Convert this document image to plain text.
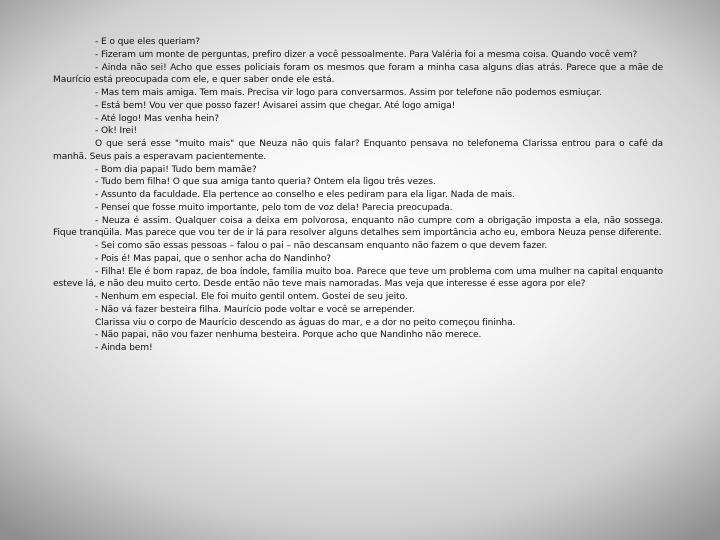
- E o que eles queriam?

- Fizeram um monte de perguntas, prefiro dizer a você pessoalmente. Para Valéria foi a mesma coisa. Quando você vem?

- Ainda não sei! Acho que esses policiais foram os mesmos que foram a minha casa alguns dias atrás. Parece que a mãe de Maurício está preocupada com ele, e quer saber onde ele está.

- Mas tem mais amiga. Tem mais. Precisa vir logo para conversarmos. Assim por telefone não podemos esmiuçar.

- Está bem! Vou ver que posso fazer! Avisarei assim que chegar. Até logo amiga!

- Até logo! Mas venha hein?

- Ok! Irei!

O que será esse "muito mais" que Neuza não quis falar? Enquanto pensava no telefonema Clarissa entrou para o café da manhã. Seus pais a esperavam pacientemente.

- Bom dia papai! Tudo bem mamãe?

- Tudo bem filha! O que sua amiga tanto queria? Ontem ela ligou três vezes.

- Assunto da faculdade. Ela pertence ao conselho e eles pediram para ela ligar. Nada de mais.

- Pensei que fosse muito importante, pelo tom de voz dela! Parecia preocupada.

- Neuza é assim. Qualquer coisa a deixa em polvorosa, enquanto não cumpre com a obrigação imposta a ela, não sossega. Fique tranqüila. Mas parece que vou ter de ir lá para resolver alguns detalhes sem importância acho eu, embora Neuza pense diferente.

- Sei como são essas pessoas – falou o pai – não descansam enquanto não fazem o que devem fazer.

- Pois é! Mas papai, que o senhor acha do Nandinho?

- Filha! Ele é bom rapaz, de boa índole, família muito boa. Parece que teve um problema com uma mulher na capital enquanto esteve lá, e não deu muito certo. Desde então não teve mais namoradas. Mas veja que interesse é esse agora por ele?

- Nenhum em especial. Ele foi muito gentil ontem. Gostei de seu jeito.

- Não vá fazer besteira filha. Maurício pode voltar e você se arrepender.

Clarissa viu o corpo de Maurício descendo as águas do mar, e a dor no peito começou fininha.

- Não papai, não vou fazer nenhuma besteira. Porque acho que Nandinho não merece.

- Ainda bem!
